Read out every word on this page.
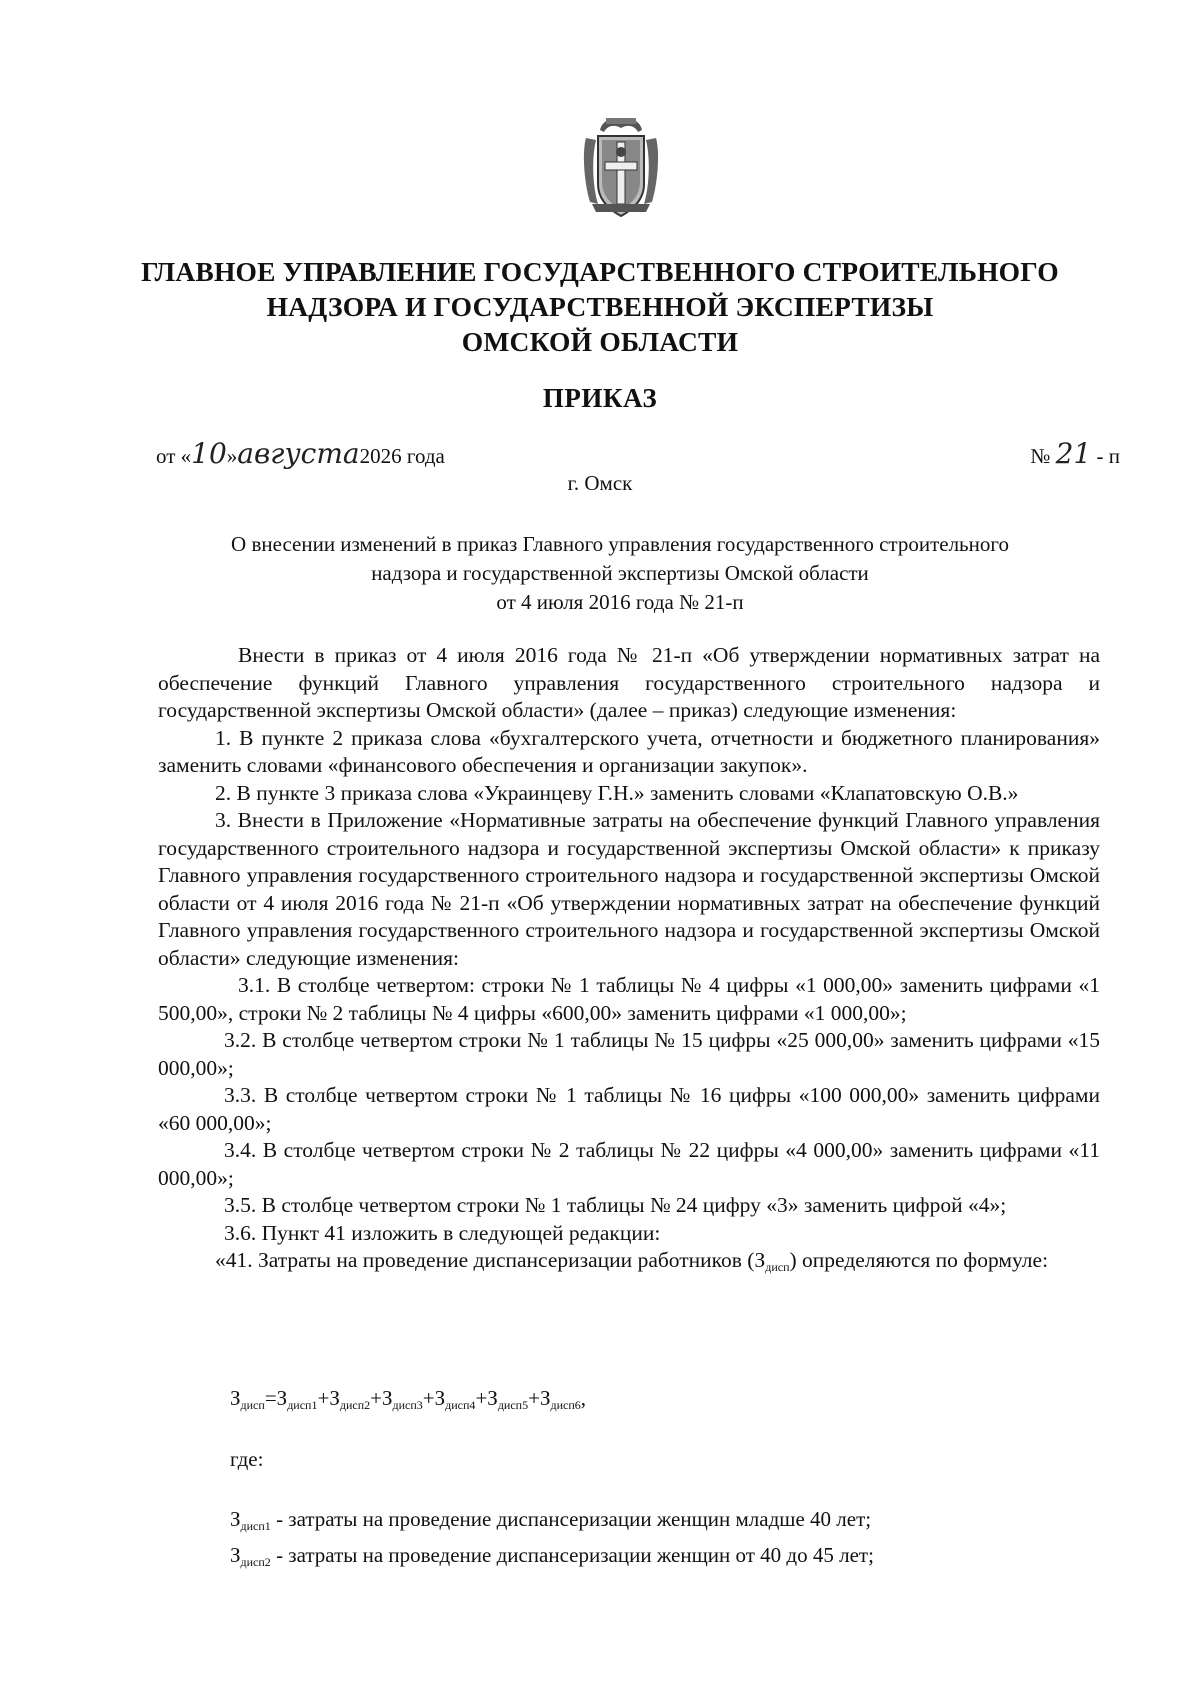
ГЛАВНОЕ УПРАВЛЕНИЕ ГОСУДАРСТВЕННОГО СТРОИТЕЛЬНОГО
НАДЗОРА И ГОСУДАРСТВЕННОЙ ЭКСПЕРТИЗЫ
ОМСКОЙ ОБЛАСТИ
ПРИКАЗ
от «10»августа2026 года	№ 21 - п
г. Омск
О внесении изменений в приказ Главного управления государственного строительного
надзора и государственной экспертизы Омской области
от 4 июля 2016 года № 21-п

Внести в приказ от 4 июля 2016 года № 21-п «Об утверждении нормативных затрат на обеспечение функций Главного управления государственного строительного надзора и государственной экспертизы Омской области» (далее – приказ) следующие изменения:

1. В пункте 2 приказа слова «бухгалтерского учета, отчетности и бюджетного планирования» заменить словами «финансового обеспечения и организации закупок».

2. В пункте 3 приказа слова «Украинцеву Г.Н.» заменить словами «Клапатовскую О.В.»

3. Внести в Приложение «Нормативные затраты на обеспечение функций Главного управления государственного строительного надзора и государственной экспертизы Омской области» к приказу Главного управления государственного строительного надзора и государственной экспертизы Омской области от 4 июля 2016 года № 21-п «Об утверждении нормативных затрат на обеспечение функций Главного управления государственного строительного надзора и государственной экспертизы Омской области» следующие изменения:

3.1. В столбце четвертом: строки № 1 таблицы № 4 цифры «1 000,00» заменить цифрами «1 500,00», строки № 2 таблицы № 4 цифры «600,00» заменить цифрами «1 000,00»;

3.2. В столбце четвертом строки № 1 таблицы № 15 цифры «25 000,00» заменить цифрами «15 000,00»;

3.3. В столбце четвертом строки № 1 таблицы № 16 цифры «100 000,00» заменить цифрами «60 000,00»;

3.4. В столбце четвертом строки № 2 таблицы № 22 цифры «4 000,00» заменить цифрами «11 000,00»;

3.5. В столбце четвертом строки № 1 таблицы № 24 цифру «3» заменить цифрой «4»;

3.6. Пункт 41 изложить в следующей редакции:

«41. Затраты на проведение диспансеризации работников $(З_{дисп})$ определяются по формуле:

$З_{дисп}=З_{дисп1}+З_{дисп2}+З_{дисп3}+З_{дисп4}+З_{дисп5}+З_{дисп6}$,
где:
$З_{дисп1}$ - затраты на проведение диспансеризации женщин младше 40 лет;
$З_{дисп2}$ - затраты на проведение диспансеризации женщин от 40 до 45 лет;
